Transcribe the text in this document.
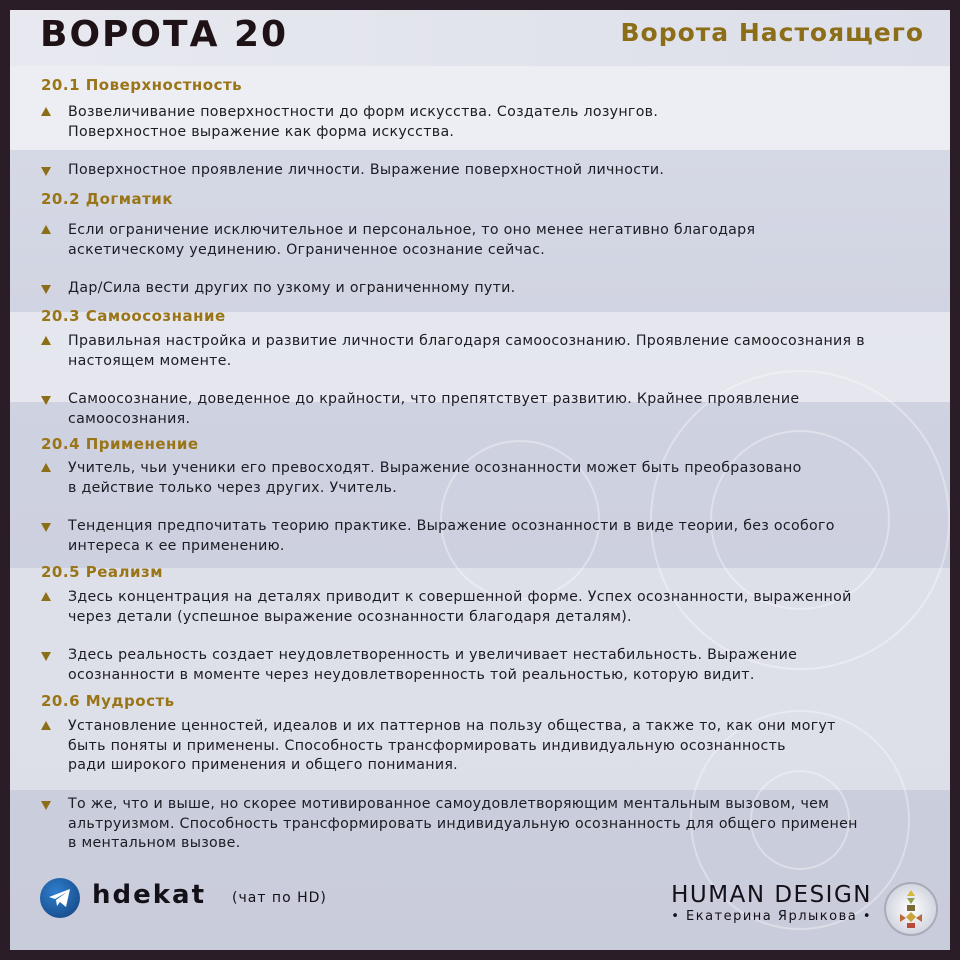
ВОРОТА 20	Ворота Настоящего
20.1 Поверхностность
Возвеличивание поверхностности до форм искусства. Создатель лозунгов.
Поверхностное выражение как форма искусства.
Поверхностное проявление личности. Выражение поверхностной личности.
20.2 Догматик
Если ограничение исключительное и персональное, то оно менее негативно благодаря
аскетическому уединению. Ограниченное осознание сейчас.
Дар/Сила вести других по узкому и ограниченному пути.
20.3 Самоосознание
Правильная настройка и развитие личности благодаря самоосознанию. Проявление самоосознания в
настоящем моменте.
Самоосознание, доведенное до крайности, что препятствует развитию. Крайнее проявление
самоосознания.
20.4 Применение
Учитель, чьи ученики его превосходят. Выражение осознанности может быть преобразовано
в действие только через других. Учитель.
Тенденция предпочитать теорию практике. Выражение осознанности в виде теории, без особого
интереса к ее применению.
20.5 Реализм
Здесь концентрация на деталях приводит к совершенной форме. Успех осознанности, выраженной
через детали (успешное выражение осознанности благодаря деталям).
Здесь реальность создает неудовлетворенность и увеличивает нестабильность. Выражение
осознанности в моменте через неудовлетворенность той реальностью, которую видит.
20.6 Мудрость
Установление ценностей, идеалов и их паттернов на пользу общества, а также то, как они могут
быть поняты и применены. Способность трансформировать индивидуальную осознанность
ради широкого применения и общего понимания.
То же, что и выше, но скорее мотивированное самоудовлетворяющим ментальным вызовом, чем
альтруизмом. Способность трансформировать индивидуальную осознанность для общего применен
в ментальном вызове.
hdekat (чат по HD)	HUMAN DESIGN
• Екатерина Ярлыкова •
